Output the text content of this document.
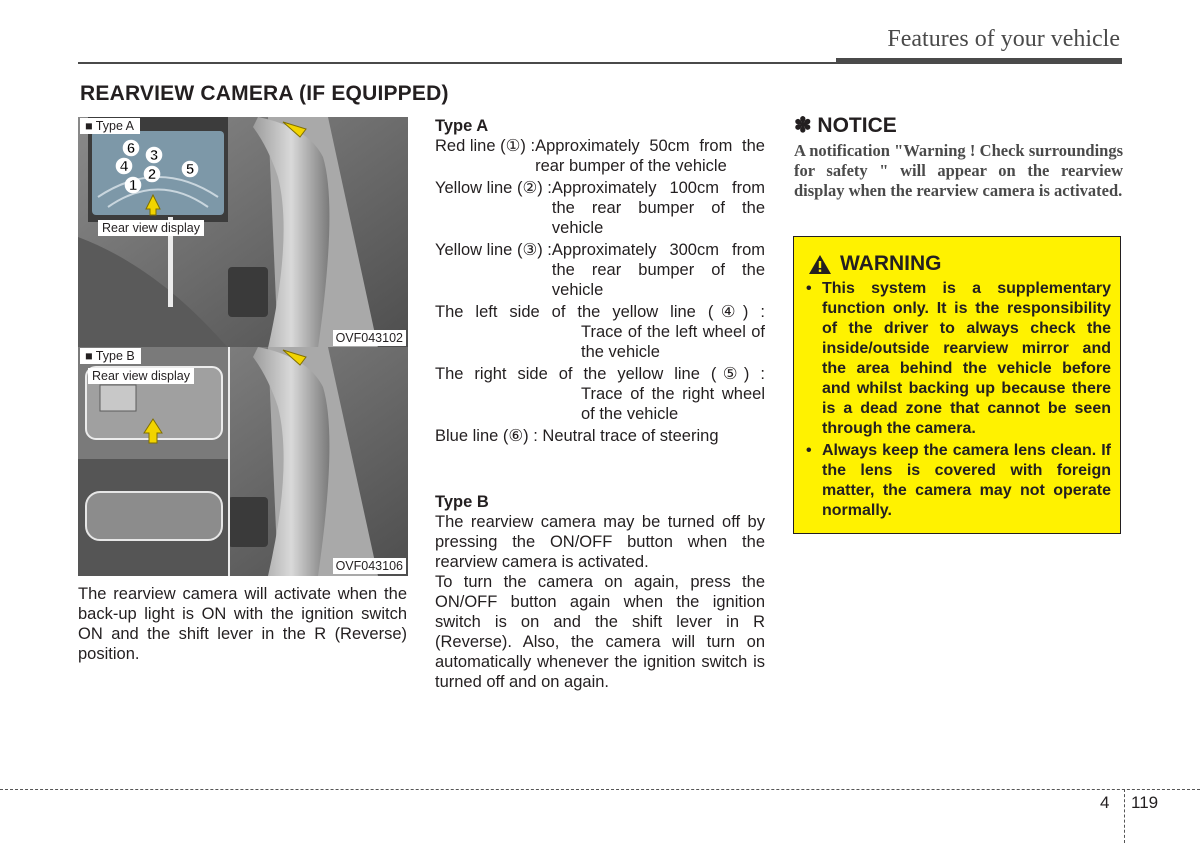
Features of your vehicle
REARVIEW CAMERA (IF EQUIPPED)
1
2
3
4	5
6
■ Type A
Rear view display
OVF043102
■ Type B
Rear view display
OVF043106
The rearview camera will activate when the back-up light is ON with the ignition switch ON and the shift lever in the R (Reverse) position.
Type A
Red line (①) : Approximately 50cm from the rear bumper of the vehicle
Yellow line (②) : Approximately 100cm from the rear bumper of the vehicle
Yellow line (③) : Approximately 300cm from the rear bumper of the vehicle
The left side of the yellow line (④) :
Trace of the left wheel of the vehicle
The right side of the yellow line (⑤) :
Trace of the right wheel of the vehicle
Blue line (⑥) : Neutral trace of steering
Type B
The rearview camera may be turned off by pressing the ON/OFF button when the rearview camera is activated.
To turn the camera on again, press the ON/OFF button again when the ignition switch is on and the shift lever in R (Reverse). Also, the camera will turn on automatically whenever the ignition switch is turned off and on again.
✽ NOTICE
A notification "Warning ! Check surroundings for safety " will appear on the rearview display when the rearview camera is activated.
WARNING
• This system is a supplementary function only. It is the responsibility of the driver to always check the inside/outside rearview mirror and the area behind the vehicle before and whilst backing up because there is a dead zone that cannot be seen through the camera.
• Always keep the camera lens clean. If the lens is covered with foreign matter, the camera may not operate normally.
4 119
